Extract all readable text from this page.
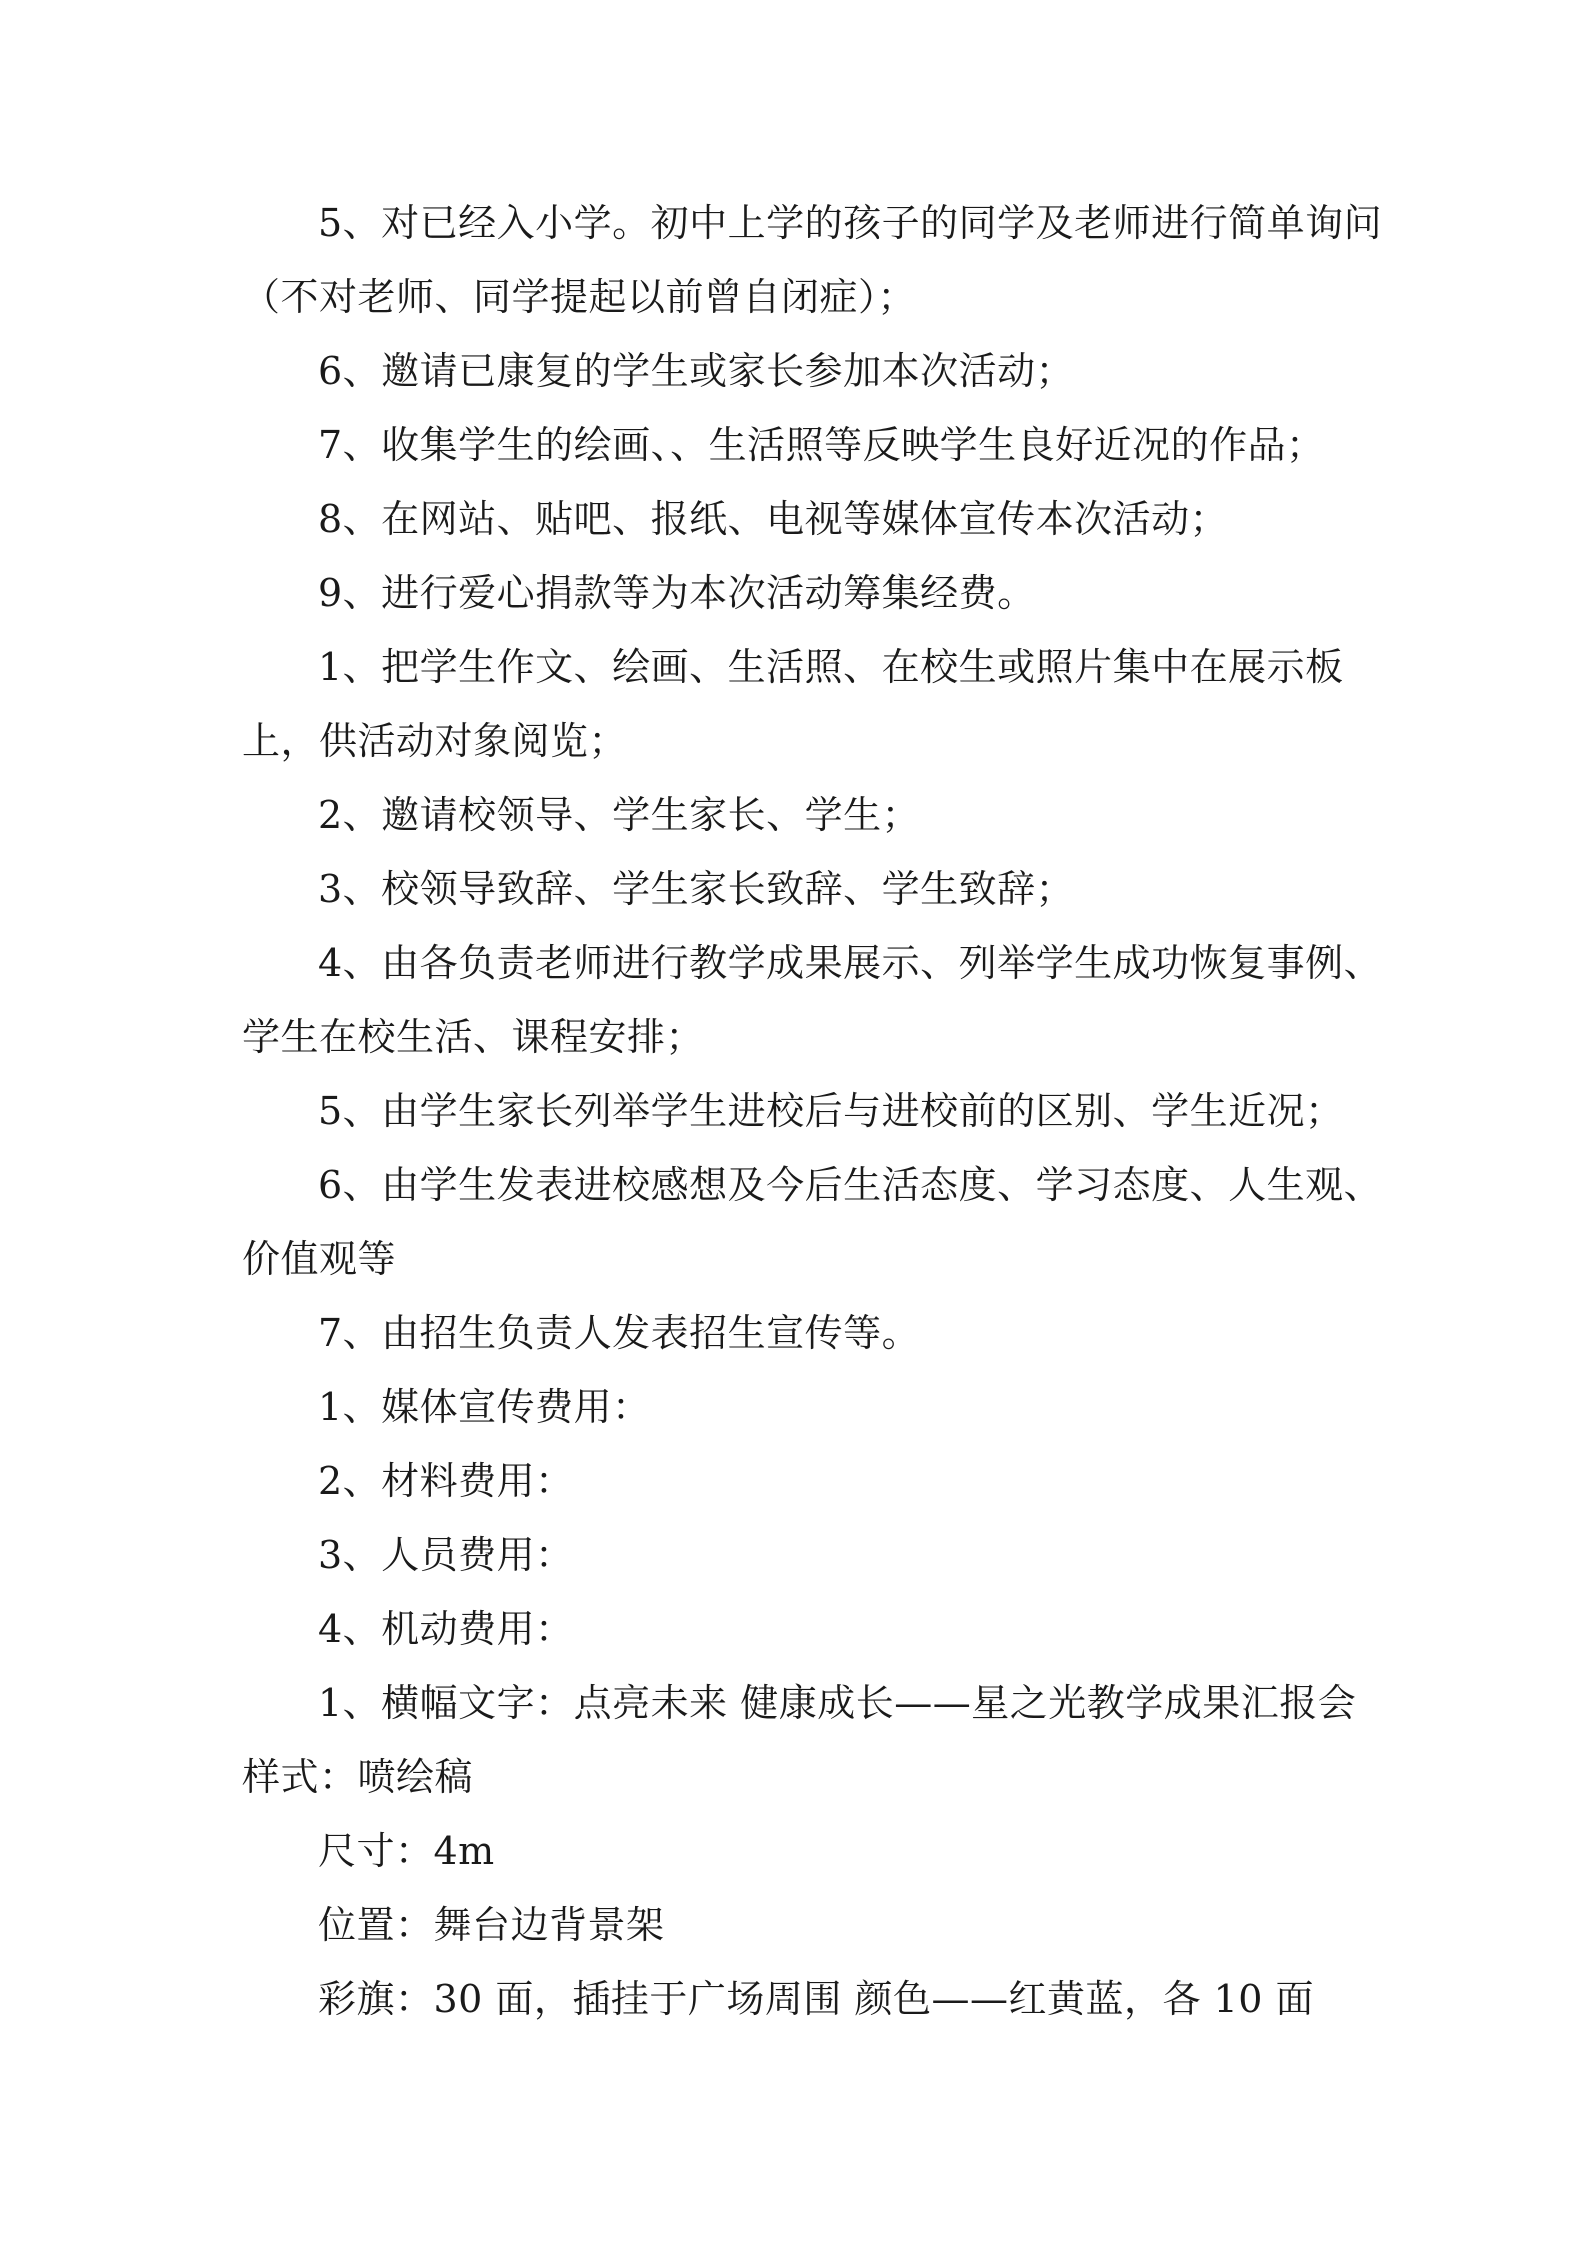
5、对已经入小学。初中上学的孩子的同学及老师进行简单询问
（不对老师、同学提起以前曾自闭症）；
6、邀请已康复的学生或家长参加本次活动；
7、收集学生的绘画、、生活照等反映学生良好近况的作品；
8、在网站、贴吧、报纸、电视等媒体宣传本次活动；
9、进行爱心捐款等为本次活动筹集经费。
1、把学生作文、绘画、生活照、在校生或照片集中在展示板
上，供活动对象阅览；
2、邀请校领导、学生家长、学生；
3、校领导致辞、学生家长致辞、学生致辞；
4、由各负责老师进行教学成果展示、列举学生成功恢复事例、
学生在校生活、课程安排；
5、由学生家长列举学生进校后与进校前的区别、学生近况；
6、由学生发表进校感想及今后生活态度、学习态度、人生观、
价值观等
7、由招生负责人发表招生宣传等。
1、媒体宣传费用：
2、材料费用：
3、人员费用：
4、机动费用：
1、横幅文字：点亮未来 健康成长——星之光教学成果汇报会
样式：喷绘稿
尺寸：4m
位置：舞台边背景架
彩旗：30 面，插挂于广场周围 颜色——红黄蓝，各 10 面
